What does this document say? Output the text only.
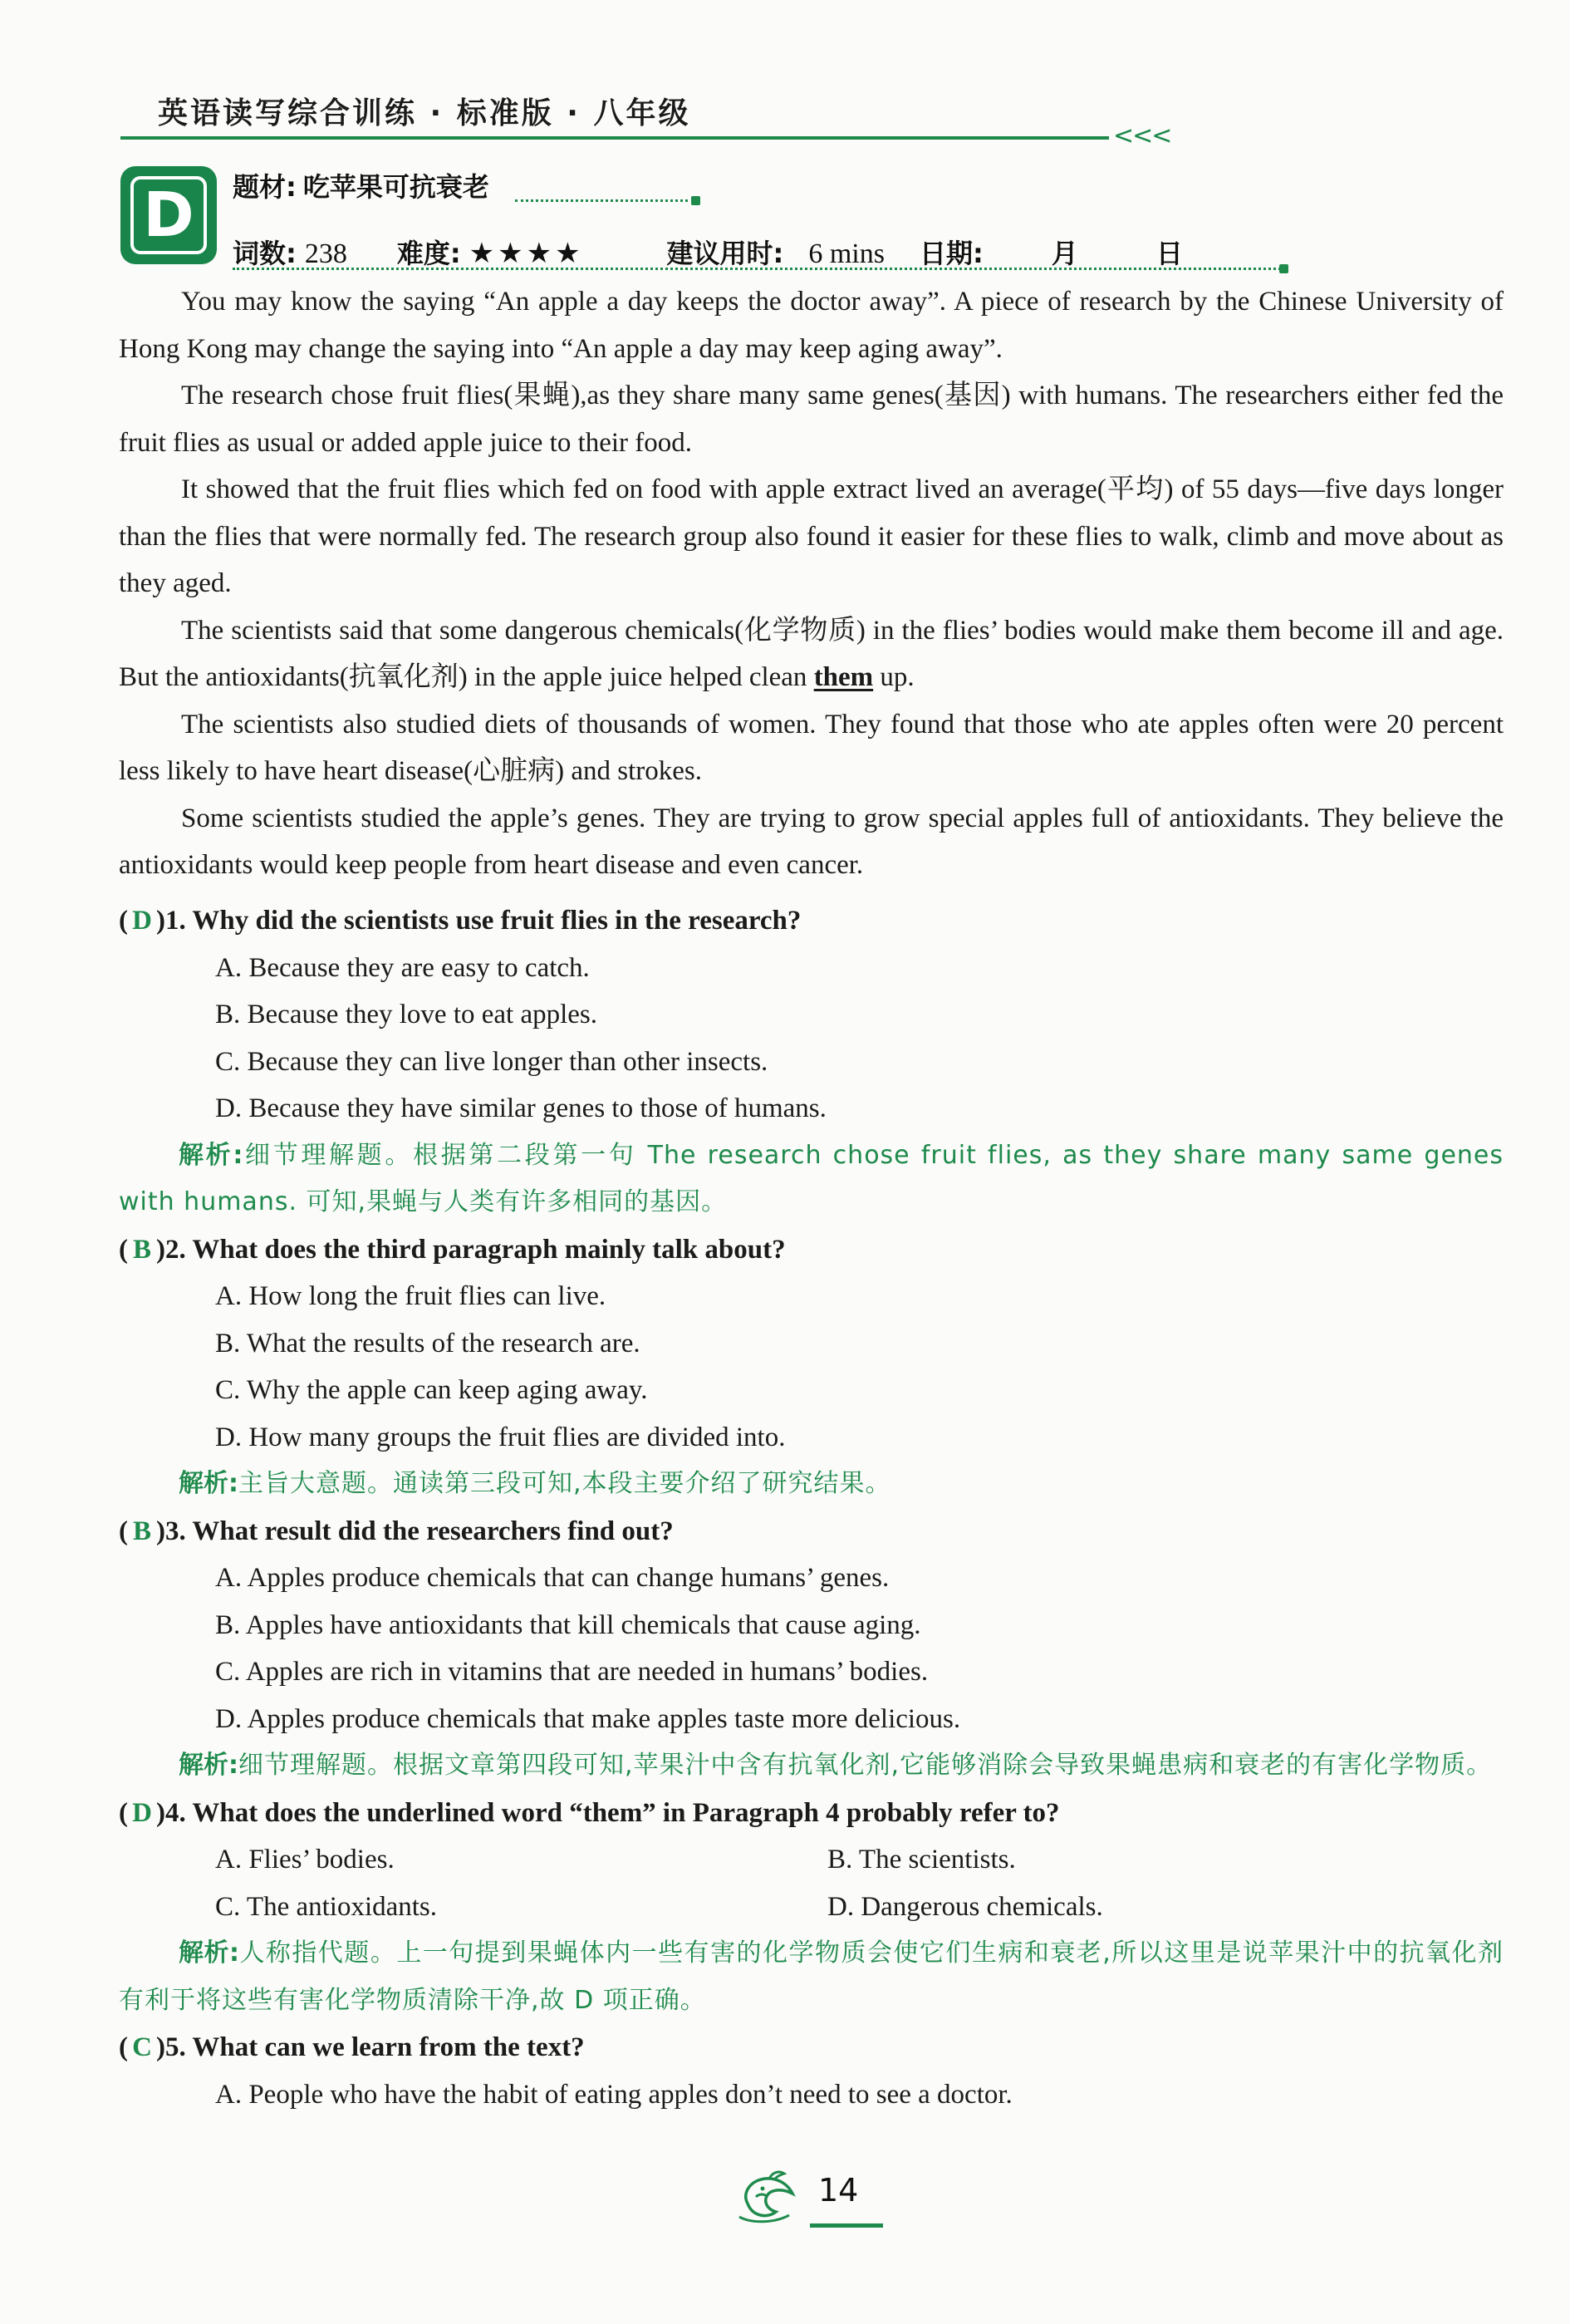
英语读写综合训练 · 标准版 · 八年级
<<<
D	题材: 吃苹果可抗衰老
词数: 238 难度: ★★★★	建议用时: 6 mins 日期:	月	日

You may know the saying “An apple a day keeps the doctor away”. A piece of research by the Chinese University of Hong Kong may change the saying into “An apple a day may keep aging away”.

The research chose fruit flies(果蝇),as they share many same genes(基因) with humans. The researchers either fed the fruit flies as usual or added apple juice to their food.

It showed that the fruit flies which fed on food with apple extract lived an average(平均) of 55 days—five days longer than the flies that were normally fed. The research group also found it easier for these flies to walk, climb and move about as they aged.

The scientists said that some dangerous chemicals(化学物质) in the flies’ bodies would make them become ill and age. But the antioxidants(抗氧化剂) in the apple juice helped clean them up.

The scientists also studied diets of thousands of women. They found that those who ate apples often were 20 percent less likely to have heart disease(心脏病) and strokes.

Some scientists studied the apple’s genes. They are trying to grow special apples full of antioxidants. They believe the antioxidants would keep people from heart disease and even cancer.

( D )1. Why did the scientists use fruit flies in the research?
A. Because they are easy to catch.
B. Because they love to eat apples.
C. Because they can live longer than other insects.
D. Because they have similar genes to those of humans.
解析:细节理解题。根据第二段第一句 The research chose fruit flies, as they share many same genes with humans. 可知,果蝇与人类有许多相同的基因。
( B )2. What does the third paragraph mainly talk about?
A. How long the fruit flies can live.
B. What the results of the research are.
C. Why the apple can keep aging away.
D. How many groups the fruit flies are divided into.
解析:主旨大意题。通读第三段可知,本段主要介绍了研究结果。
( B )3. What result did the researchers find out?
A. Apples produce chemicals that can change humans’ genes.
B. Apples have antioxidants that kill chemicals that cause aging.
C. Apples are rich in vitamins that are needed in humans’ bodies.
D. Apples produce chemicals that make apples taste more delicious.
解析:细节理解题。根据文章第四段可知,苹果汁中含有抗氧化剂,它能够消除会导致果蝇患病和衰老的有害化学物质。
( D )4. What does the underlined word “them” in Paragraph 4 probably refer to?
A. Flies’ bodies.	B. The scientists.
C. The antioxidants.	D. Dangerous chemicals.
解析:人称指代题。上一句提到果蝇体内一些有害的化学物质会使它们生病和衰老,所以这里是说苹果汁中的抗氧化剂有利于将这些有害化学物质清除干净,故 D 项正确。
( C )5. What can we learn from the text?
A. People who have the habit of eating apples don’t need to see a doctor.
14
